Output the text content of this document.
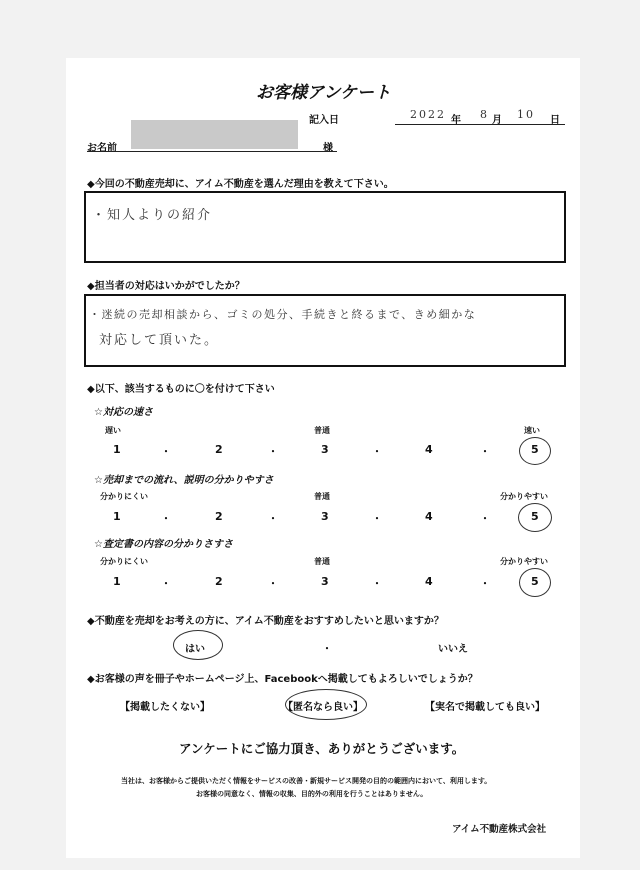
お客様アンケート
記入日	2022 年 8 月 10 日
お名前	様
◆今回の不動産売却に、アイム不動産を選んだ理由を教えて下さい。
・知人よりの紹介
◆担当者の対応はいかがでしたか？
・迷続の売却相談から、ゴミの処分、手続きと終るまで、きめ細かな
対応して頂いた。
◆以下、該当するものに〇を付けて下さい
☆対応の速さ
遅い	普通	速い
1	・	2	・	3	・	4	・	5
☆売却までの流れ、説明の分かりやすさ
分かりにくい	普通	分かりやすい
1	・	2	・	3	・	4	・	5
☆査定書の内容の分かりさすさ
分かりにくい	普通	分かりやすい
1	・	2	・	3	・	4	・	5
◆不動産を売却をお考えの方に、アイム不動産をおすすめしたいと思いますか？
はい	・	いいえ
◆お客様の声を冊子やホームページ上、Facebookへ掲載してもよろしいでしょうか？
【掲載したくない】	【匿名なら良い】	【実名で掲載しても良い】
アンケートにご協力頂き、ありがとうございます。
当社は、お客様からご提供いただく情報をサービスの改善・新規サービス開発の目的の範囲内において、利用します。
お客様の同意なく、情報の収集、目的外の利用を行うことはありません。
アイム不動産株式会社
